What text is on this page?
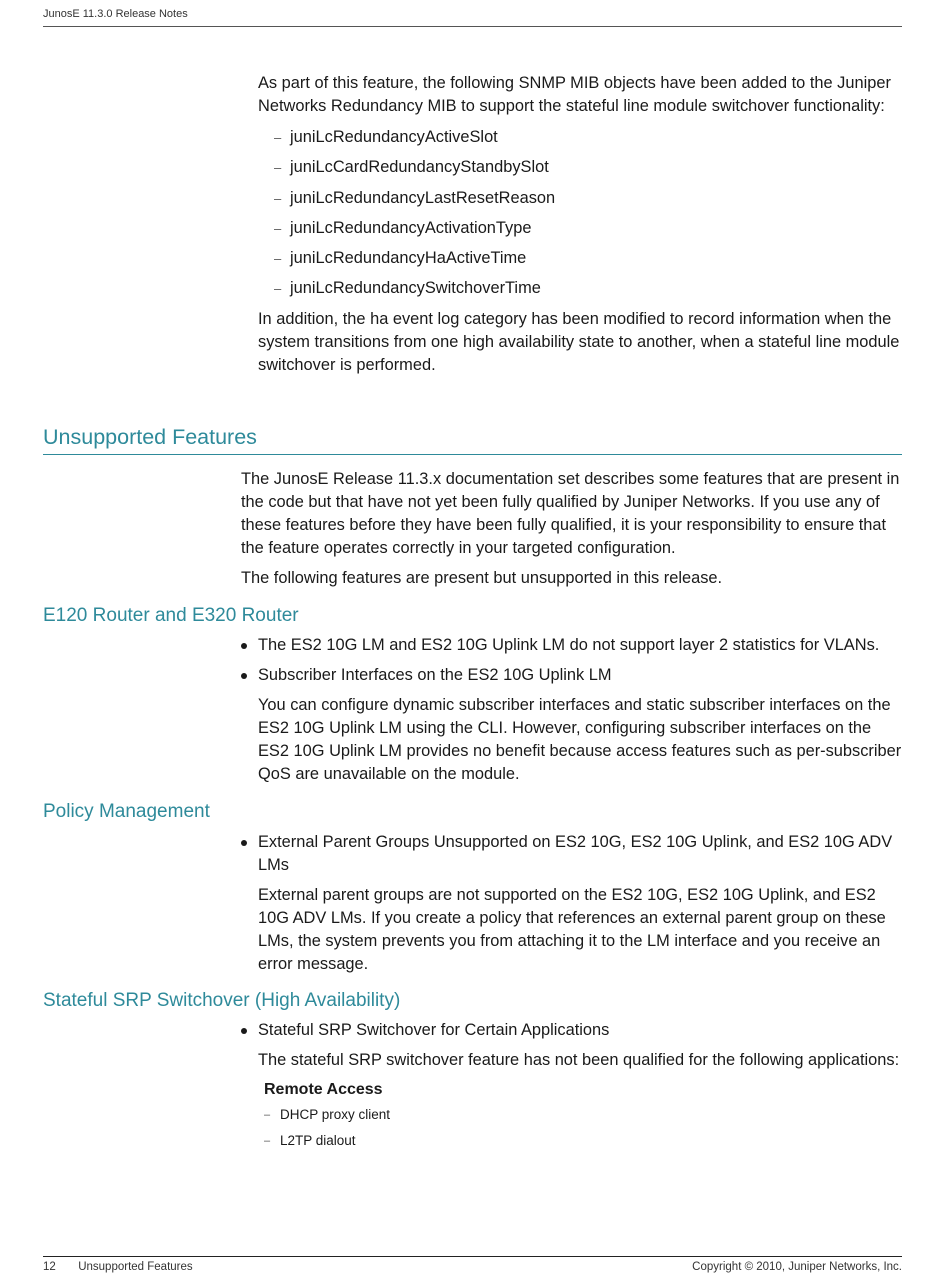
JunosE 11.3.0 Release Notes

As part of this feature, the following SNMP MIB objects have been added to the Juniper Networks Redundancy MIB to support the stateful line module switchover functionality:

– juniLcRedundancyActiveSlot
– juniLcCardRedundancyStandbySlot
– juniLcRedundancyLastResetReason
– juniLcRedundancyActivationType
– juniLcRedundancyHaActiveTime
– juniLcRedundancySwitchoverTime

In addition, the ha event log category has been modified to record information when the system transitions from one high availability state to another, when a stateful line module switchover is performed.

Unsupported Features

The JunosE Release 11.3.x documentation set describes some features that are present in the code but that have not yet been fully qualified by Juniper Networks. If you use any of these features before they have been fully qualified, it is your responsibility to ensure that the feature operates correctly in your targeted configuration.

The following features are present but unsupported in this release.

E120 Router and E320 Router
The ES2 10G LM and ES2 10G Uplink LM do not support layer 2 statistics for VLANs.
Subscriber Interfaces on the ES2 10G Uplink LM

You can configure dynamic subscriber interfaces and static subscriber interfaces on the ES2 10G Uplink LM using the CLI. However, configuring subscriber interfaces on the ES2 10G Uplink LM provides no benefit because access features such as per-subscriber QoS are unavailable on the module.

Policy Management
External Parent Groups Unsupported on ES2 10G, ES2 10G Uplink, and ES2 10G ADV LMs

External parent groups are not supported on the ES2 10G, ES2 10G Uplink, and ES2 10G ADV LMs. If you create a policy that references an external parent group on these LMs, the system prevents you from attaching it to the LM interface and you receive an error message.

Stateful SRP Switchover (High Availability)
Stateful SRP Switchover for Certain Applications

The stateful SRP switchover feature has not been qualified for the following applications:

Remote Access
– DHCP proxy client
– L2TP dialout
12 Unsupported Features	Copyright © 2010, Juniper Networks, Inc.
